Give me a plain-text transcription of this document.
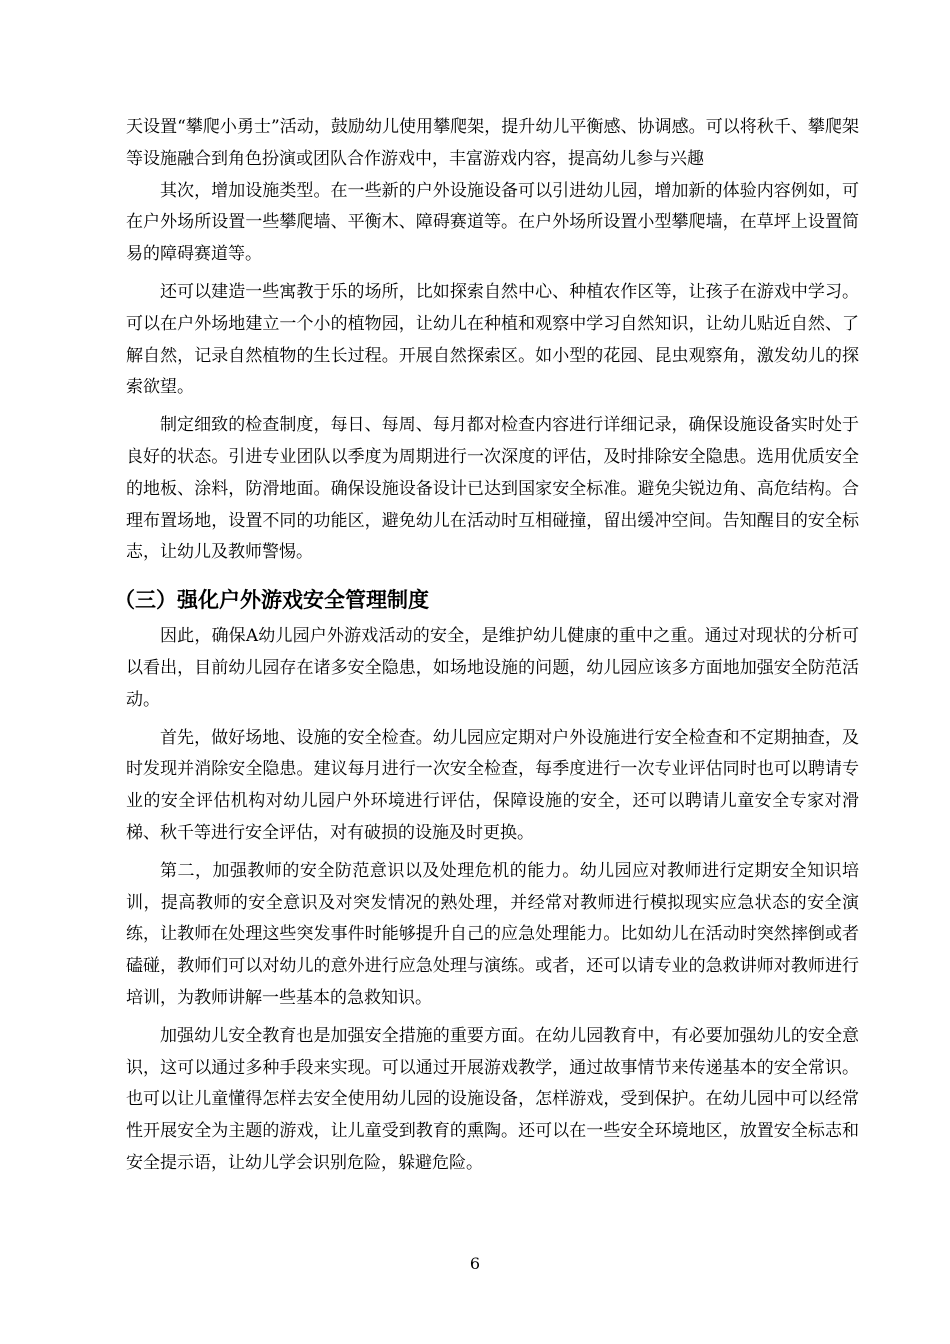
天设置“攀爬小勇士”活动，鼓励幼儿使用攀爬架，提升幼儿平衡感、协调感。可以将秋千、攀爬架等设施融合到角色扮演或团队合作游戏中，丰富游戏内容，提高幼儿参与兴趣

其次，增加设施类型。在一些新的户外设施设备可以引进幼儿园，增加新的体验内容例如，可在户外场所设置一些攀爬墙、平衡木、障碍赛道等。在户外场所设置小型攀爬墙，在草坪上设置简易的障碍赛道等。

还可以建造一些寓教于乐的场所，比如探索自然中心、种植农作区等，让孩子在游戏中学习。可以在户外场地建立一个小的植物园，让幼儿在种植和观察中学习自然知识，让幼儿贴近自然、了解自然，记录自然植物的生长过程。开展自然探索区。如小型的花园、昆虫观察角，激发幼儿的探索欲望。

制定细致的检查制度，每日、每周、每月都对检查内容进行详细记录，确保设施设备实时处于良好的状态。引进专业团队以季度为周期进行一次深度的评估，及时排除安全隐患。选用优质安全的地板、涂料，防滑地面。确保设施设备设计已达到国家安全标准。避免尖锐边角、高危结构。合理布置场地，设置不同的功能区，避免幼儿在活动时互相碰撞，留出缓冲空间。告知醒目的安全标志，让幼儿及教师警惕。

（三）强化户外游戏安全管理制度

因此，确保A幼儿园户外游戏活动的安全，是维护幼儿健康的重中之重。通过对现状的分析可以看出，目前幼儿园存在诸多安全隐患，如场地设施的问题，幼儿园应该多方面地加强安全防范活动。

首先，做好场地、设施的安全检查。幼儿园应定期对户外设施进行安全检查和不定期抽查，及时发现并消除安全隐患。建议每月进行一次安全检查，每季度进行一次专业评估同时也可以聘请专业的安全评估机构对幼儿园户外环境进行评估，保障设施的安全，还可以聘请儿童安全专家对滑梯、秋千等进行安全评估，对有破损的设施及时更换。

第二，加强教师的安全防范意识以及处理危机的能力。幼儿园应对教师进行定期安全知识培训，提高教师的安全意识及对突发情况的熟处理，并经常对教师进行模拟现实应急状态的安全演练，让教师在处理这些突发事件时能够提升自己的应急处理能力。比如幼儿在活动时突然摔倒或者磕碰，教师们可以对幼儿的意外进行应急处理与演练。或者，还可以请专业的急救讲师对教师进行培训，为教师讲解一些基本的急救知识。

加强幼儿安全教育也是加强安全措施的重要方面。在幼儿园教育中，有必要加强幼儿的安全意识，这可以通过多种手段来实现。可以通过开展游戏教学，通过故事情节来传递基本的安全常识。也可以让儿童懂得怎样去安全使用幼儿园的设施设备，怎样游戏，受到保护。在幼儿园中可以经常性开展安全为主题的游戏，让儿童受到教育的熏陶。还可以在一些安全环境地区，放置安全标志和安全提示语，让幼儿学会识别危险，躲避危险。

6
